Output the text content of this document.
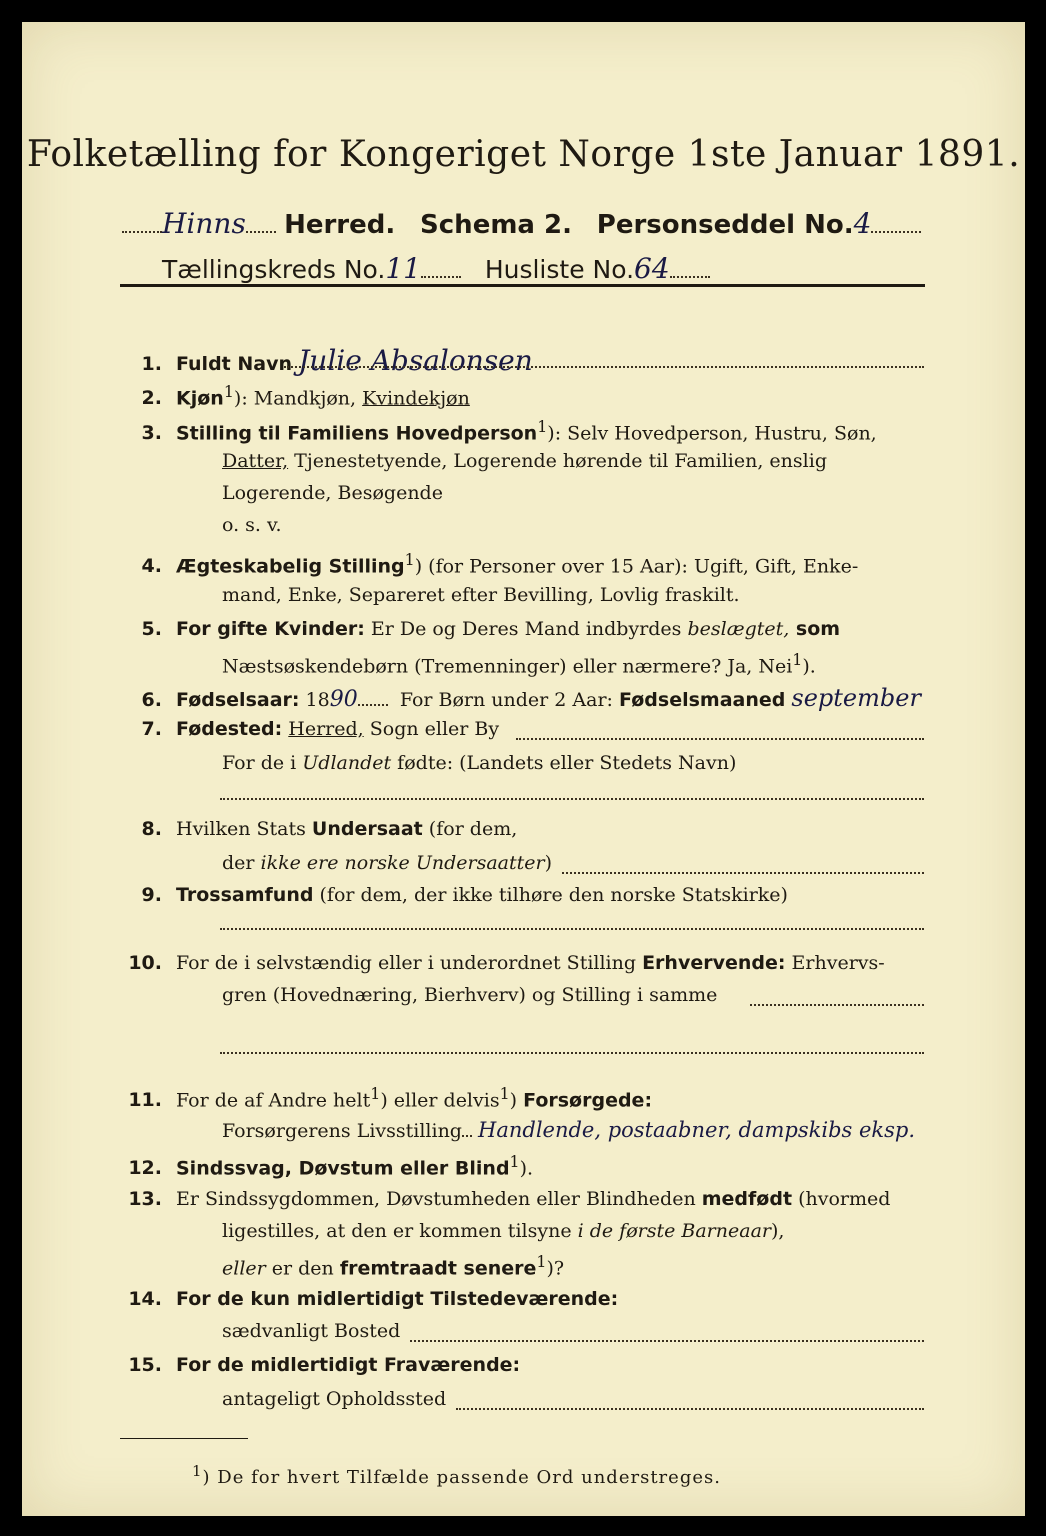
Folketælling for Kongeriget Norge 1ste Januar 1891.
Hinns Herred. Schema 2. Personseddel No.4
Tællingskreds No.11	Husliste No.64
1. Fuldt Navn Julie Absalonsen
2. Kjøn$^1$): Mandkjøn, Kvindekjøn
3. Stilling til Familiens Hovedperson$^1$): Selv Hovedperson, Hustru, Søn,
Datter, Tjenestetyende, Logerende hørende til Familien, enslig
Logerende, Besøgende
o. s. v.
4. Ægteskabelig Stilling$^1$) (for Personer over 15 Aar): Ugift, Gift, Enke-
mand, Enke, Separeret efter Bevilling, Lovlig fraskilt.
5. For gifte Kvinder: Er De og Deres Mand indbyrdes beslægtet, som
Næstsøskendebørn (Tremenninger) eller nærmere? Ja, Nei$^1$).
6. Fødselsaar: 1890 For Børn under 2 Aar: Fødselsmaaned september
7. Fødested: Herred, Sogn eller By
For de i Udlandet fødte: (Landets eller Stedets Navn)
8. Hvilken Stats Undersaat (for dem,
der ikke ere norske Undersaatter)
9. Trossamfund (for dem, der ikke tilhøre den norske Statskirke)
10. For de i selvstændig eller i underordnet Stilling Erhvervende: Erhvervs-
gren (Hovednæring, Bierhverv) og Stilling i samme
11. For de af Andre helt$^1$) eller delvis$^1$) Forsørgede:
Forsørgerens Livsstilling Handlende, postaabner, dampskibs eksp.
12. Sindssvag, Døvstum eller Blind$^1$).
13. Er Sindssygdommen, Døvstumheden eller Blindheden medfødt (hvormed
ligestilles, at den er kommen tilsyne i de første Barneaar),
eller er den fremtraadt senere$^1$)?
14. For de kun midlertidigt Tilstedeværende:
sædvanligt Bosted
15. For de midlertidigt Fraværende:
antageligt Opholdssted
$^1$) De for hvert Tilfælde passende Ord understreges.
